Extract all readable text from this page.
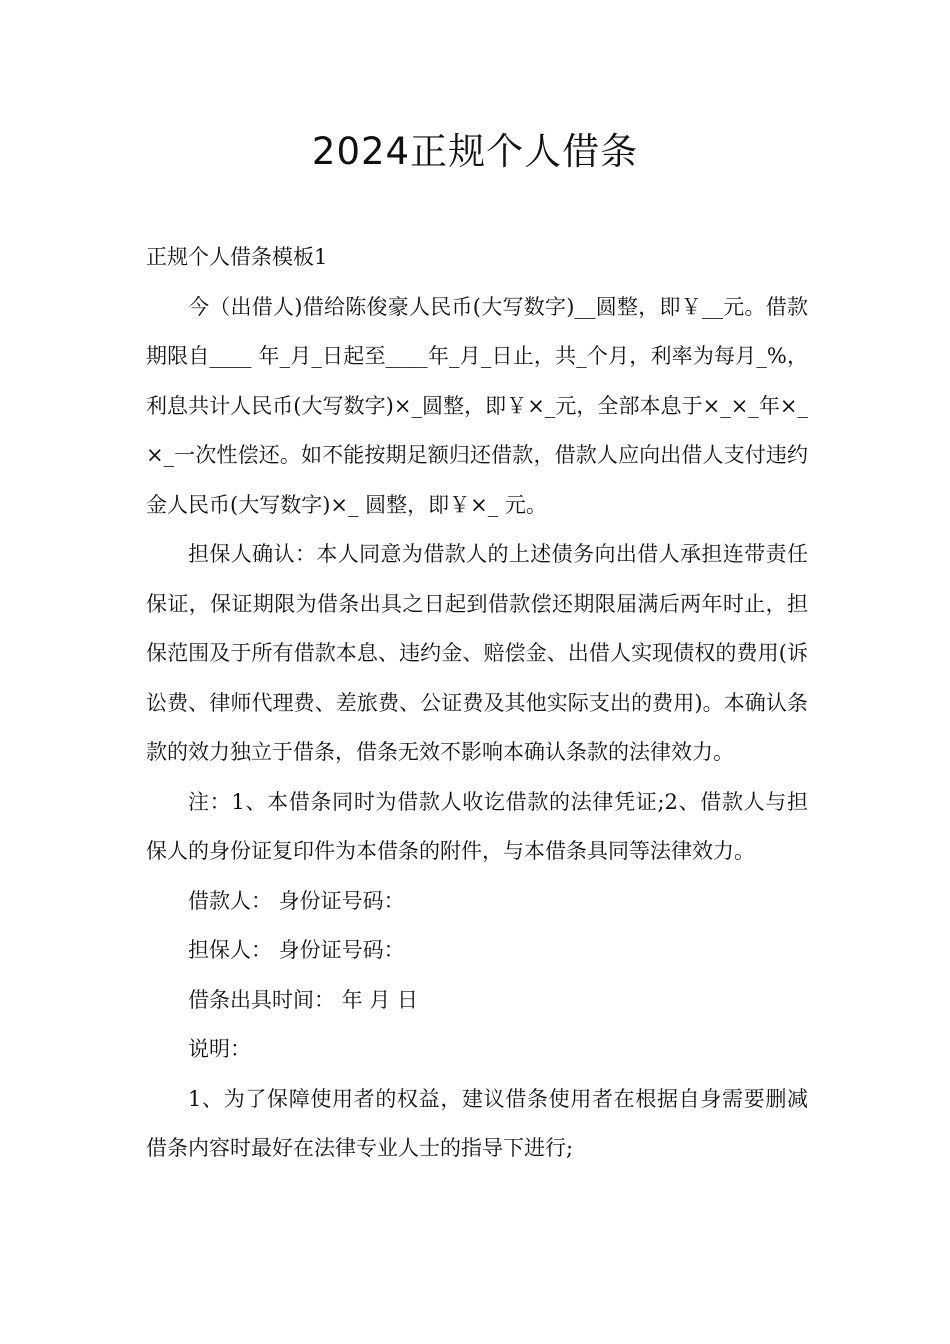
2024正规个人借条

正规个人借条模板1

今（出借人)借给陈俊豪人民币(大写数字)__圆整，即￥__元。借款期限自____ 年_月_日起至____年_月_日止，共_个月，利率为每月_%，利息共计人民币(大写数字)×_圆整，即￥×_元，全部本息于×_×_年×_×_一次性偿还。如不能按期足额归还借款，借款人应向出借人支付违约金人民币(大写数字)×_ 圆整，即￥×_ 元。

担保人确认：本人同意为借款人的上述债务向出借人承担连带责任保证，保证期限为借条出具之日起到借款偿还期限届满后两年时止，担保范围及于所有借款本息、违约金、赔偿金、出借人实现债权的费用(诉讼费、律师代理费、差旅费、公证费及其他实际支出的费用)。本确认条款的效力独立于借条，借条无效不影响本确认条款的法律效力。

注：1、本借条同时为借款人收讫借款的法律凭证;2、借款人与担保人的身份证复印件为本借条的附件，与本借条具同等法律效力。

借款人： 身份证号码：

担保人： 身份证号码：

借条出具时间： 年 月 日

说明：

1、为了保障使用者的权益，建议借条使用者在根据自身需要删减借条内容时最好在法律专业人士的指导下进行;
